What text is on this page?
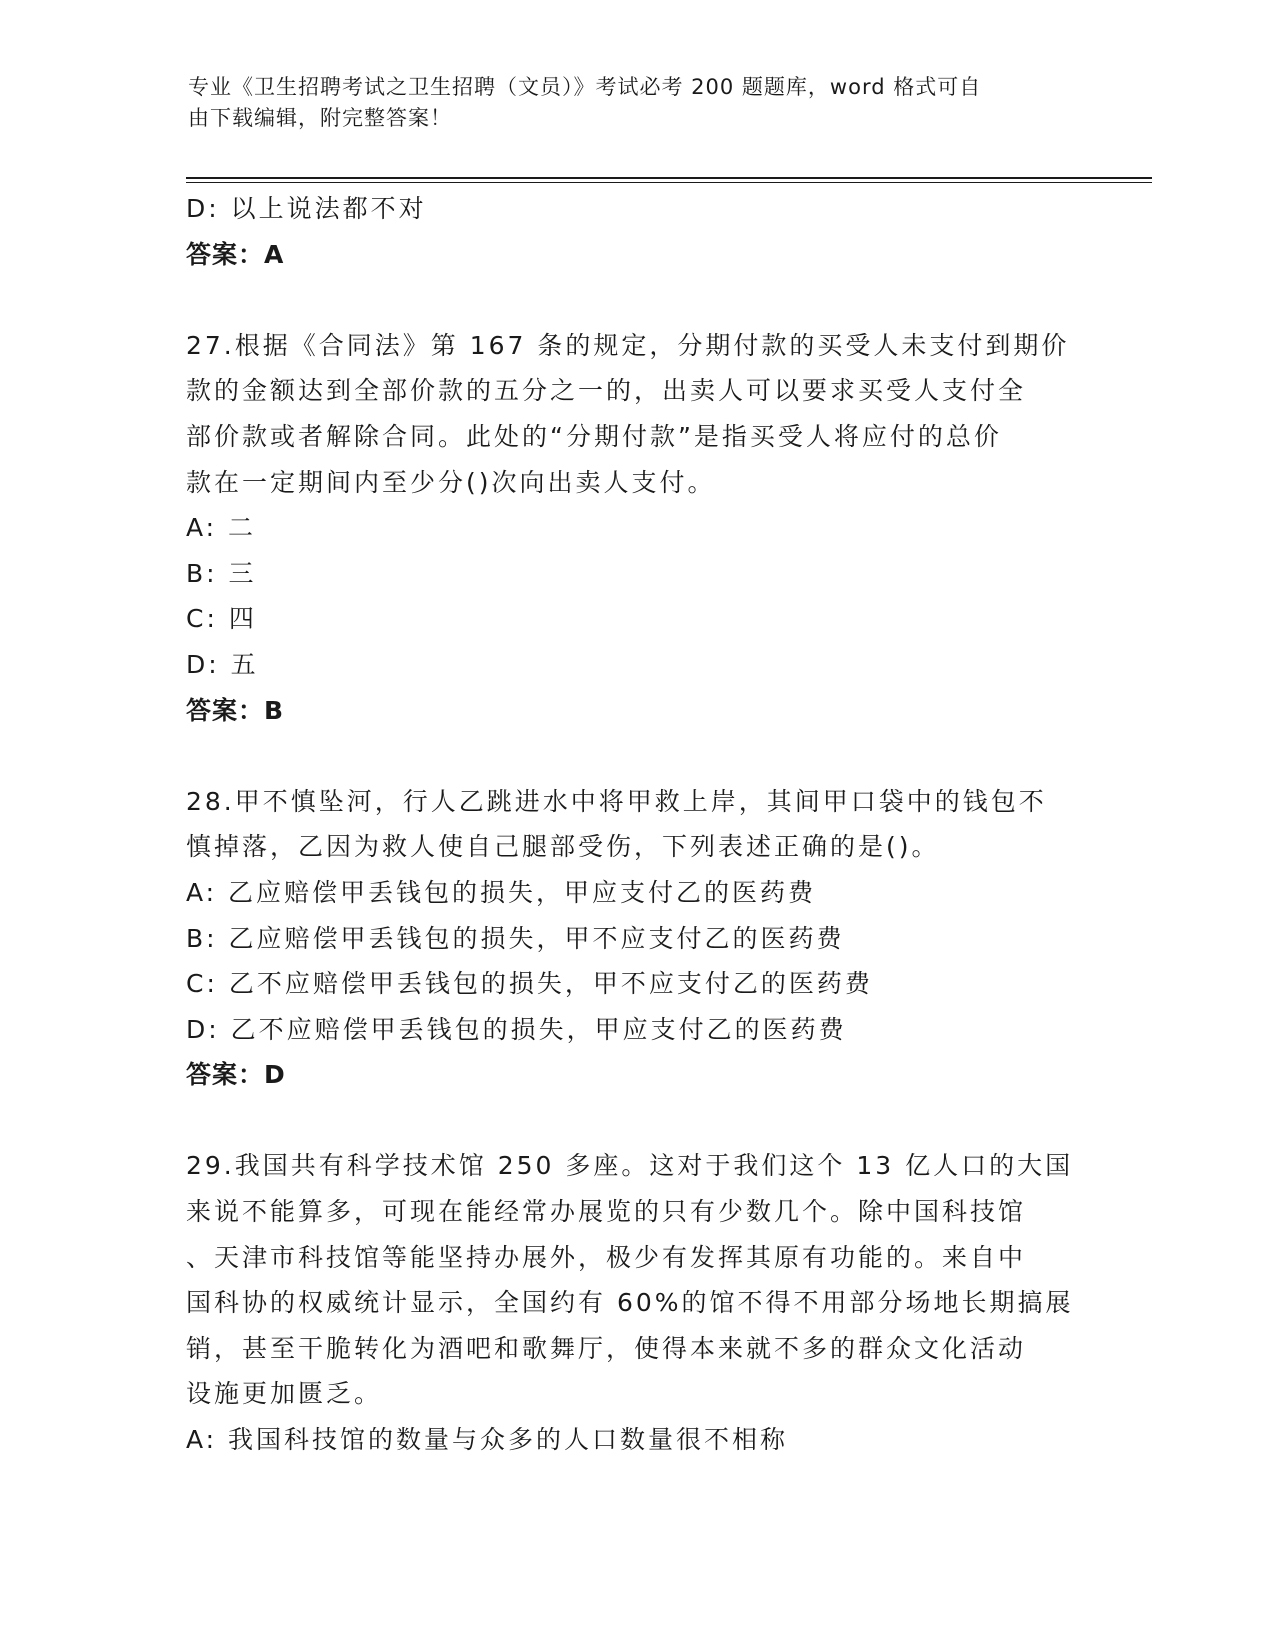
专业《卫生招聘考试之卫生招聘（文员）》考试必考 200 题题库，word 格式可自
由下载编辑，附完整答案！
D: 以上说法都不对
答案：A
27.根据《合同法》第 167 条的规定，分期付款的买受人未支付到期价
款的金额达到全部价款的五分之一的，出卖人可以要求买受人支付全
部价款或者解除合同。此处的“分期付款”是指买受人将应付的总价
款在一定期间内至少分()次向出卖人支付。
A: 二
B: 三
C: 四
D: 五
答案：B
28.甲不慎坠河，行人乙跳进水中将甲救上岸，其间甲口袋中的钱包不
慎掉落，乙因为救人使自己腿部受伤，下列表述正确的是()。
A: 乙应赔偿甲丢钱包的损失，甲应支付乙的医药费
B: 乙应赔偿甲丢钱包的损失，甲不应支付乙的医药费
C: 乙不应赔偿甲丢钱包的损失，甲不应支付乙的医药费
D: 乙不应赔偿甲丢钱包的损失，甲应支付乙的医药费
答案：D
29.我国共有科学技术馆 250 多座。这对于我们这个 13 亿人口的大国
来说不能算多，可现在能经常办展览的只有少数几个。除中国科技馆
、天津市科技馆等能坚持办展外，极少有发挥其原有功能的。来自中
国科协的权威统计显示，全国约有 60%的馆不得不用部分场地长期搞展
销，甚至干脆转化为酒吧和歌舞厅，使得本来就不多的群众文化活动
设施更加匮乏。
A: 我国科技馆的数量与众多的人口数量很不相称
